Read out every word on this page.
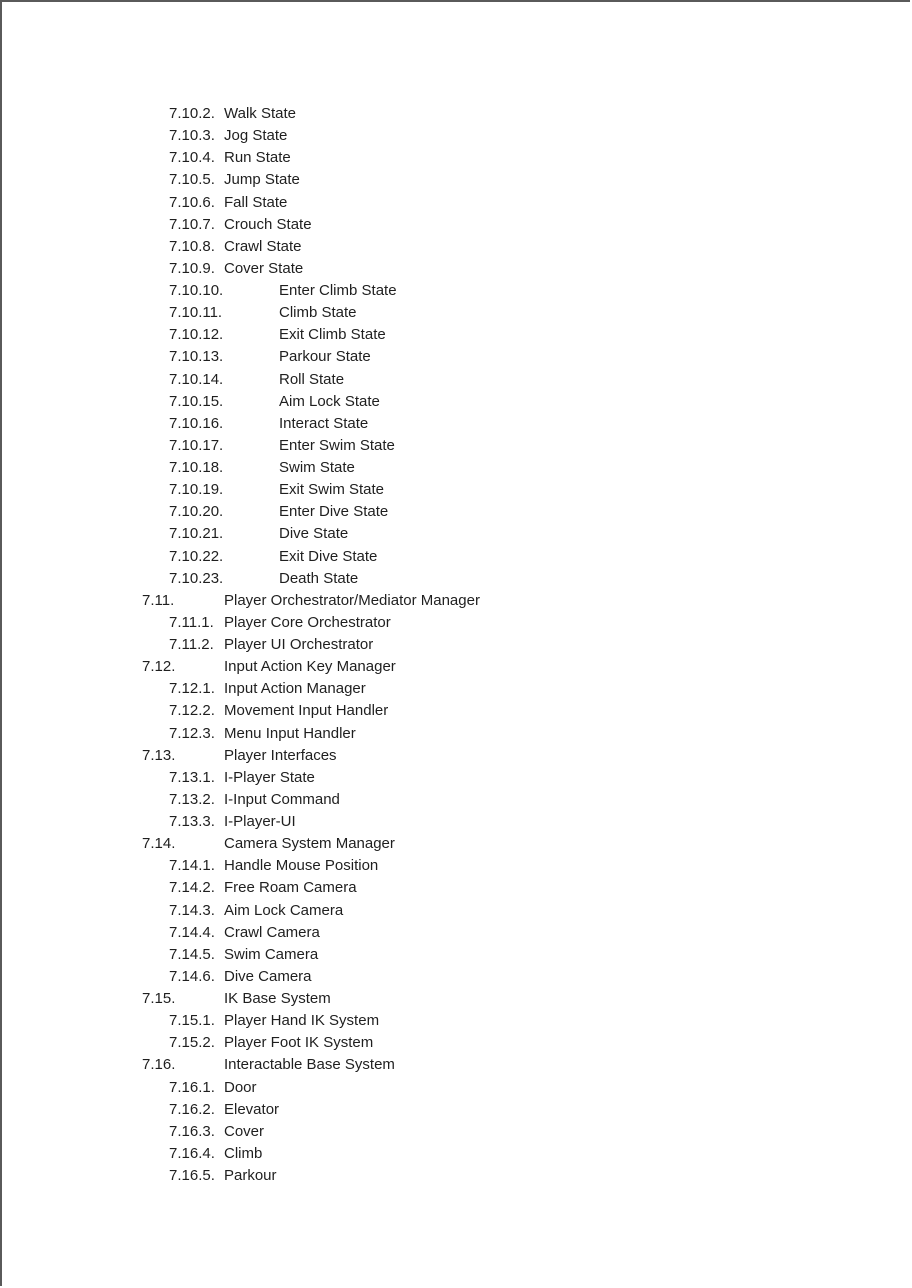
7.10.2. Walk State
7.10.3. Jog State
7.10.4. Run State
7.10.5. Jump State
7.10.6. Fall State
7.10.7. Crouch State
7.10.8. Crawl State
7.10.9. Cover State
7.10.10.	Enter Climb State
7.10.11.	Climb State
7.10.12.	Exit Climb State
7.10.13.	Parkour State
7.10.14.	Roll State
7.10.15.	Aim Lock State
7.10.16.	Interact State
7.10.17.	Enter Swim State
7.10.18.	Swim State
7.10.19.	Exit Swim State
7.10.20.	Enter Dive State
7.10.21.	Dive State
7.10.22.	Exit Dive State
7.10.23.	Death State
7.11.	Player Orchestrator/Mediator Manager
7.11.1. Player Core Orchestrator
7.11.2. Player UI Orchestrator
7.12.	Input Action Key Manager
7.12.1. Input Action Manager
7.12.2. Movement Input Handler
7.12.3. Menu Input Handler
7.13.	Player Interfaces
7.13.1. I-Player State
7.13.2. I-Input Command
7.13.3. I-Player-UI
7.14.	Camera System Manager
7.14.1. Handle Mouse Position
7.14.2. Free Roam Camera
7.14.3. Aim Lock Camera
7.14.4. Crawl Camera
7.14.5. Swim Camera
7.14.6. Dive Camera
7.15.	IK Base System
7.15.1. Player Hand IK System
7.15.2. Player Foot IK System
7.16.	Interactable Base System
7.16.1. Door
7.16.2. Elevator
7.16.3. Cover
7.16.4. Climb
7.16.5. Parkour
